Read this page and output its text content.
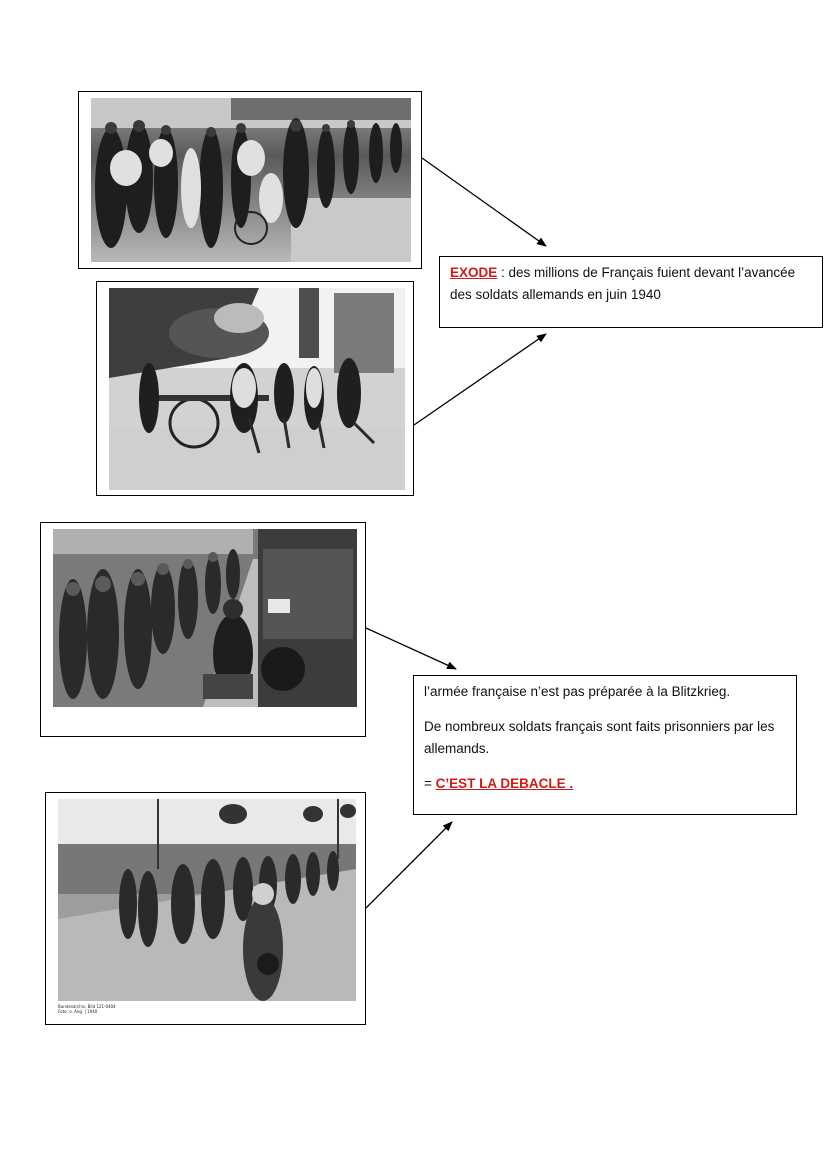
Bundesarchiv, Bild 121-0404
Foto: o. Ang. | 1940

EXODE : des millions de Français fuient devant l’avancée des soldats allemands en juin 1940

l’armée française n’est pas préparée à la Blitzkrieg.

De nombreux soldats français sont faits prisonniers par les allemands.

= C’EST LA DEBACLE .
